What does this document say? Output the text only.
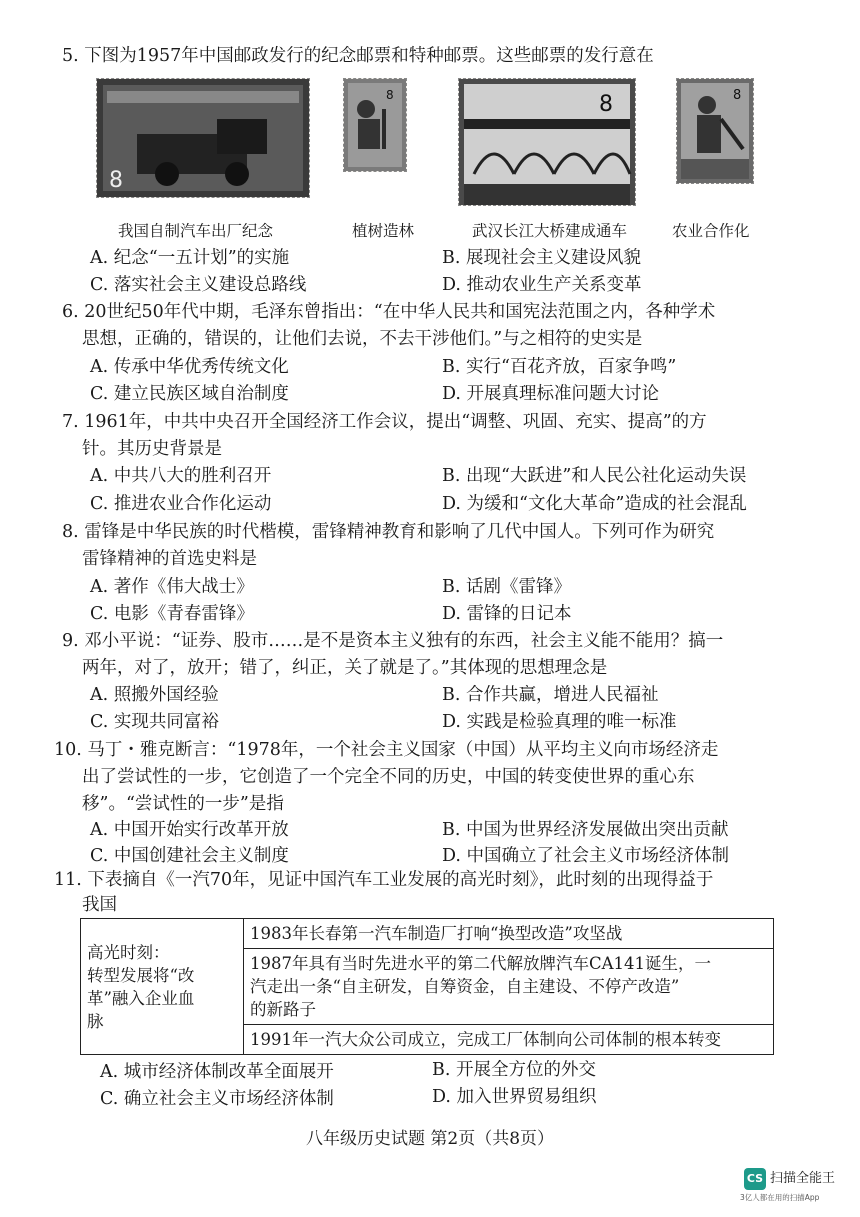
5. 下图为1957年中国邮政发行的纪念邮票和特种邮票。这些邮票的发行意在
8
8	8	8
我国自制汽车出厂纪念	植树造林	武汉长江大桥建成通车	农业合作化
A. 纪念“一五计划”的实施	B. 展现社会主义建设风貌
C. 落实社会主义建设总路线	D. 推动农业生产关系变革
6. 20世纪50年代中期，毛泽东曾指出：“在中华人民共和国宪法范围之内，各种学术
思想，正确的，错误的，让他们去说，不去干涉他们。”与之相符的史实是
A. 传承中华优秀传统文化	B. 实行“百花齐放，百家争鸣”
C. 建立民族区域自治制度	D. 开展真理标准问题大讨论
7. 1961年，中共中央召开全国经济工作会议，提出“调整、巩固、充实、提高”的方
针。其历史背景是
A. 中共八大的胜利召开	B. 出现“大跃进”和人民公社化运动失误
C. 推进农业合作化运动	D. 为缓和“文化大革命”造成的社会混乱
8. 雷锋是中华民族的时代楷模，雷锋精神教育和影响了几代中国人。下列可作为研究
雷锋精神的首选史料是
A. 著作《伟大战士》	B. 话剧《雷锋》
C. 电影《青春雷锋》	D. 雷锋的日记本
9. 邓小平说：“证券、股市……是不是资本主义独有的东西，社会主义能不能用？搞一
两年，对了，放开；错了，纠正，关了就是了。”其体现的思想理念是
A. 照搬外国经验	B. 合作共赢，增进人民福祉
C. 实现共同富裕	D. 实践是检验真理的唯一标准
10. 马丁・雅克断言：“1978年，一个社会主义国家（中国）从平均主义向市场经济走
出了尝试性的一步，它创造了一个完全不同的历史，中国的转变使世界的重心东
移”。“尝试性的一步”是指
A. 中国开始实行改革开放	B. 中国为世界经济发展做出突出贡献
C. 中国创建社会主义制度	D. 中国确立了社会主义市场经济体制
11. 下表摘自《一汽70年，见证中国汽车工业发展的高光时刻》，此时刻的出现得益于
我国
高光时刻：
转型发展将“改
革”融入企业血
脉
	1983年长春第一汽车制造厂打响“换型改造”攻坚战

1987年具有当时先进水平的第二代解放牌汽车CA141诞生，一
汽走出一条“自主研发，自筹资金，自主建设、不停产改造”
的新路子

1991年一汽大众公司成立，完成工厂体制向公司体制的根本转变
A. 城市经济体制改革全面展开	B. 开展全方位的外交
C. 确立社会主义市场经济体制	D. 加入世界贸易组织
八年级历史试题 第2页（共8页）
CS 扫描全能王
3亿人都在用的扫描App
